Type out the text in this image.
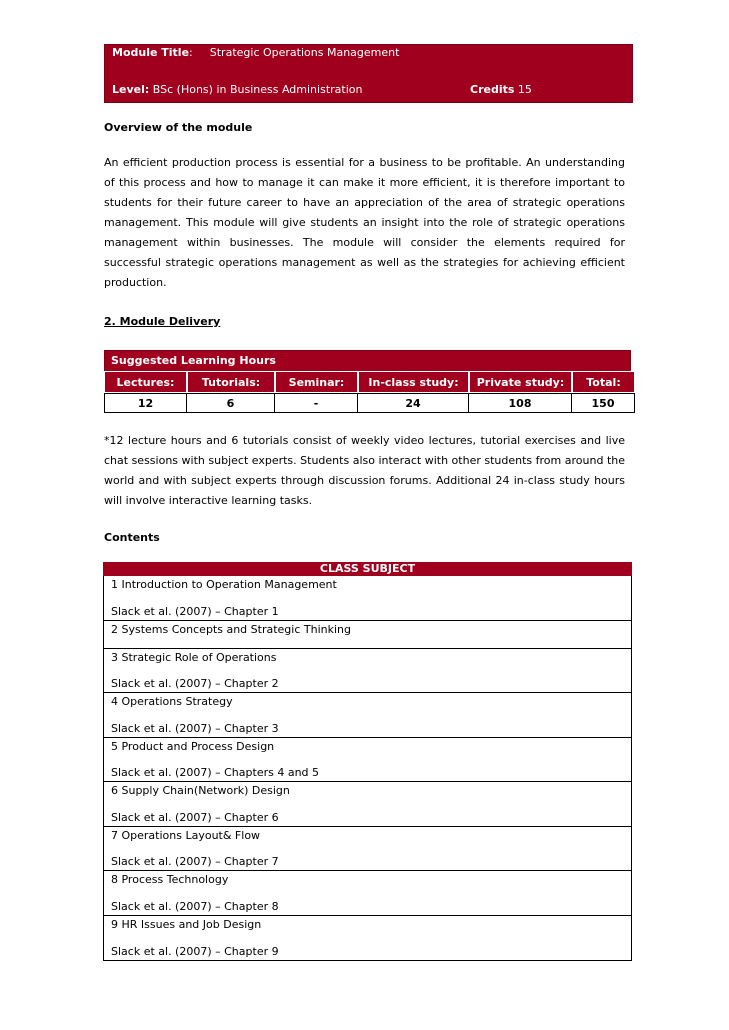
Module Title: Strategic Operations Management
Level: BSc (Hons) in Business Administration	Credits 15
Overview of the module

An efficient production process is essential for a business to be profitable. An understanding of this process and how to manage it can make it more efficient, it is therefore important to students for their future career to have an appreciation of the area of strategic operations management. This module will give students an insight into the role of strategic operations management within businesses. The module will consider the elements required for successful strategic operations management as well as the strategies for achieving efficient production.

2. Module Delivery
Suggested Learning Hours
Lectures:	Tutorials:	Seminar:	In-class study:	Private study:	Total:
12	6	-	24	108	150

*12 lecture hours and 6 tutorials consist of weekly video lectures, tutorial exercises and live chat sessions with subject experts. Students also interact with other students from around the world and with subject experts through discussion forums. Additional 24 in-class study hours will involve interactive learning tasks.

Contents
CLASS SUBJECT
1 Introduction to Operation Management
Slack et al. (2007) – Chapter 1
2 Systems Concepts and Strategic Thinking
3 Strategic Role of Operations
Slack et al. (2007) – Chapter 2
4 Operations Strategy
Slack et al. (2007) – Chapter 3
5 Product and Process Design
Slack et al. (2007) – Chapters 4 and 5
6 Supply Chain(Network) Design
Slack et al. (2007) – Chapter 6
7 Operations Layout& Flow
Slack et al. (2007) – Chapter 7
8 Process Technology
Slack et al. (2007) – Chapter 8
9 HR Issues and Job Design
Slack et al. (2007) – Chapter 9
